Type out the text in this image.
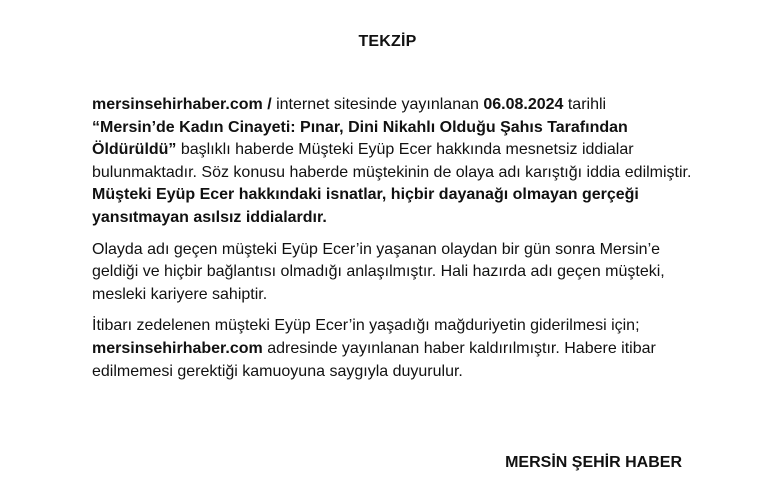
TEKZİP

mersinsehirhaber.com / internet sitesinde yayınlanan 06.08.2024 tarihli “Mersin’de Kadın Cinayeti: Pınar, Dini Nikahlı Olduğu Şahıs Tarafından Öldürüldü” başlıklı haberde Müşteki Eyüp Ecer hakkında mesnetsiz iddialar bulunmaktadır. Söz konusu haberde müştekinin de olaya adı karıştığı iddia edilmiştir. Müşteki Eyüp Ecer hakkındaki isnatlar, hiçbir dayanağı olmayan gerçeği yansıtmayan asılsız iddialardır.

Olayda adı geçen müşteki Eyüp Ecer’in yaşanan olaydan bir gün sonra Mersin’e geldiği ve hiçbir bağlantısı olmadığı anlaşılmıştır. Hali hazırda adı geçen müşteki, mesleki kariyere sahiptir.

İtibarı zedelenen müşteki Eyüp Ecer’in yaşadığı mağduriyetin giderilmesi için; mersinsehirhaber.com adresinde yayınlanan haber kaldırılmıştır. Habere itibar edilmemesi gerektiği kamuoyuna saygıyla duyurulur.

MERSİN ŞEHİR HABER
